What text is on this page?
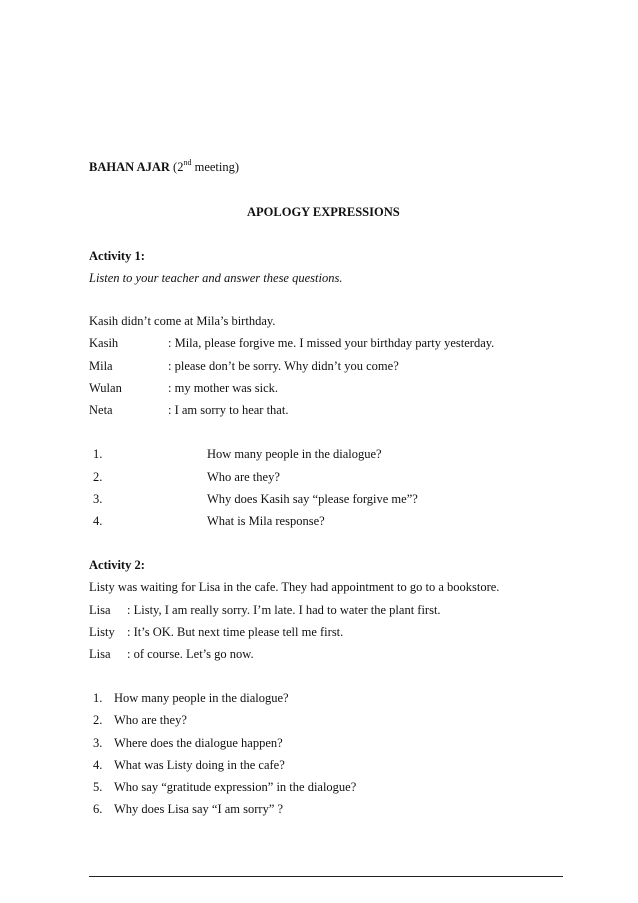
BAHAN AJAR (2nd meeting)
APOLOGY EXPRESSIONS
Activity 1:
Listen to your teacher and answer these questions.
Kasih didn’t come at Mila’s birthday.
Kasih	: Mila, please forgive me. I missed your birthday party yesterday.
Mila	: please don’t be sorry. Why didn’t you come?
Wulan	: my mother was sick.
Neta	: I am sorry to hear that.
1.	How many people in the dialogue?
2.	Who are they?
3.	Why does Kasih say “please forgive me”?
4.	What is Mila response?
Activity 2:
Listy was waiting for Lisa in the cafe. They had appointment to go to a bookstore.
Lisa : Listy, I am really sorry. I’m late. I had to water the plant first.
Listy : It’s OK. But next time please tell me first.
Lisa : of course. Let’s go now.
1. How many people in the dialogue?
2. Who are they?
3. Where does the dialogue happen?
4. What was Listy doing in the cafe?
5. Who say “gratitude expression” in the dialogue?
6. Why does Lisa say “I am sorry” ?
